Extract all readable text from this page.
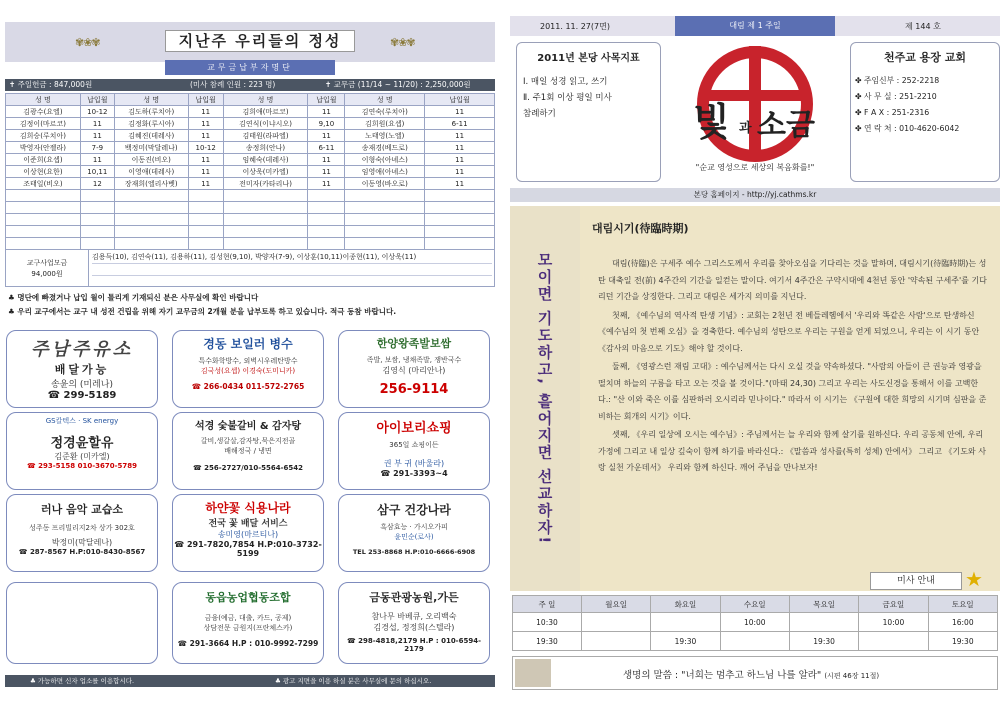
✾❀✾	지난주 우리들의 정성	✾❀✾
교무금납부자명단
✝ 주일헌금 : 847,000원	(미사 참례 인원 : 223 명)	✝ 교무금 (11/14 ~ 11/20) : 2,250,000원
성 명	납입월	성 명	납입월	성 명	납입월	성 명	납입월
김광수(요엘)	10-12	김도하(루치아)	11	김희애(마르코)	11	김연숙(루치아)	11
김정이(마르코)	11	김정화(루시아)	11	김연식(이냐시오)	9,10	김희원(요셉)	6-11
김희승(루치아)	11	김혜진(데레사)	11	김태원(라파엘)	11	노태영(노엘)	11
박영자(안젤라)	7-9	백정미(막달레나)	10-12	송정희(안나)	6-11	송재경(베드로)	11
이준희(요셉)	11	이동진(비오)	11	임혜숙(데레사)	11	이형숙(아녜스)	11
이상현(요한)	10,11	이영애(데레사)	11	이상욱(미카엘)	11	임영애(아녜스)	11
조태일(비오)	12	장재희(엘리사벳)	11	전미자(카타리나)	11	이동영(바오로)	11

교구사업모금
94,000원
김용득(10), 김연숙(11), 김용하(11), 김성현(9,10), 박양자(7-9), 이상훈(10,11)이종현(11), 이상욱(11)
♣ 명단에 빠졌거나 납입 월이 틀리게 기재되신 분은 사무실에 확인 바랍니다
♣ 우리 교구에서는 교구 내 성전 건립을 위해 자기 교무금의 2개월 분을 납부토록 하고 있습니다. 적극 동참 바랍니다.
주남주유소
배달가능
송윤의 (미레나)
☎ 299-5189
경동 보일러 병수
특수화학방수, 외벽시우레탄방수
김국성(요셉) 이경숙(도미니카)
☎ 266-0434 011-572-2765
한양왕족발보쌈
족발, 보쌈, 냉채족발, 쟁반국수
김영식 (마리안나)
256-9114
GS칼텍스 · SK energy
정경윤할유
김준환 (미카엘)
☎ 293-5158 010-3670-5789
석경 숯불갈비 & 감자탕
갈비,생갈살,감자탕,묵은지전골
배해정국 / 냉면
☎ 256-2727/010-5564-6542
아이보리쇼핑
365일 쇼핑이든
권 부 귀 (바울라)
☎ 291-3393~4
러나 음악 교습소
성주동 프리빌리지2차 상가 302호
박정미(막달레나)
☎ 287-8567 H.P:010-8430-8567
하얀꽃 식용나라
전국 꽃 배달 서비스
송미영(마르티나)
☎ 291-7820,7854 H.P:010-3732-5199
삼구 건강나라
흑삼효능 · 가시오가피
윤민순(로사)
TEL 253-8868 H.P:010-6666-6908
동읍농업협동조합
금융(예금, 대출, 카드, 공제)
상담전문 금원지(프란체스카)
☎ 291-3664 H.P : 010-9992-7299
금동관광농원,가든
참나무 바베큐, 오리백숙
김경섭, 정정희(스텔라)
☎ 298-4818,2179 H.P : 010-6594-2179
♣ 가능하면 신자 업소를 이용합시다.	♣ 광고 지면을 이용 하실 분은 사무실에 문의 하십시오.
2011. 11. 27(7면)	대림 제 1 주일	제 144 호
2011년 본당 사목지표
Ⅰ. 매일 성경 읽고, 쓰기
Ⅱ. 주1회 이상 평일 미사
참례하기	빛 과 소금
"순교 영성으로 세상의 복음화를!"
천주교 용장 교회
✤ 주임신부 : 252-2218
✤ 사 무 실 : 251-2210
✤ F A X : 251-2316
✤ 연 락 처 : 010-4620-6042
본당 홈페이지 - http://yj.cathms.kr
모이면 기도하고, 흩어지면 선교하자!
대림시기(待臨時期)

대림(待臨)은 구세주 예수 그리스도께서 우리를 찾아오심을 기다리는 것을 말하며, 대림시기(待臨時期)는 성탄 대축일 전(前) 4주간의 기간을 일컫는 말이다. 여기서 4주간은 구약시대에 4천년 동안 '약속된 구세주'를 기다리던 기간을 상징한다. 그리고 대림은 세가지 의미를 지닌다.

첫째, 《예수님의 역사적 탄생 기념》: 교회는 2천년 전 베들레헴에서 '우리와 똑같은 사람'으로 탄생하신 《예수님의 첫 번째 오심》을 경축한다. 예수님의 성탄으로 우리는 구원을 얻게 되었으니, 우리는 이 시기 동안 《감사의 마음으로 기도》해야 할 것이다.

둘째, 《영광스런 재림 고대》: 예수님께서는 다시 오실 것을 약속하셨다. "사람의 아들이 큰 권능과 영광을 떨치며 하늘의 구름을 타고 오는 것을 볼 것이다."(마태 24,30) 그리고 우리는 사도신경을 통해서 이를 고백한다.: "산 이와 죽은 이를 심판하러 오시리라 믿나이다." 따라서 이 시기는 《구원에 대한 희망의 시기며 심판을 준비하는 회개의 시기》이다.

셋째, 《우리 일상에 오시는 예수님》: 주님께서는 늘 우리와 함께 살기를 원하신다. 우리 공동체 안에, 우리 가정에 그리고 내 일상 깊숙이 함께 하기를 바라신다.: 《말씀과 성사를(특히 성체) 안에서》 그리고 《기도와 사랑 실천 가운데서》 우리와 함께 하신다. 깨어 주님을 만나보자!

미사 안내	★
주 일	월요일	화요일	수요일	목요일	금요일	토요일
10:30			10:00		10:00	16:00
19:30		19:30		19:30		19:30
생명의 말씀 : "너희는 멈추고 하느님 나를 알라" (시편 46장 11절)
